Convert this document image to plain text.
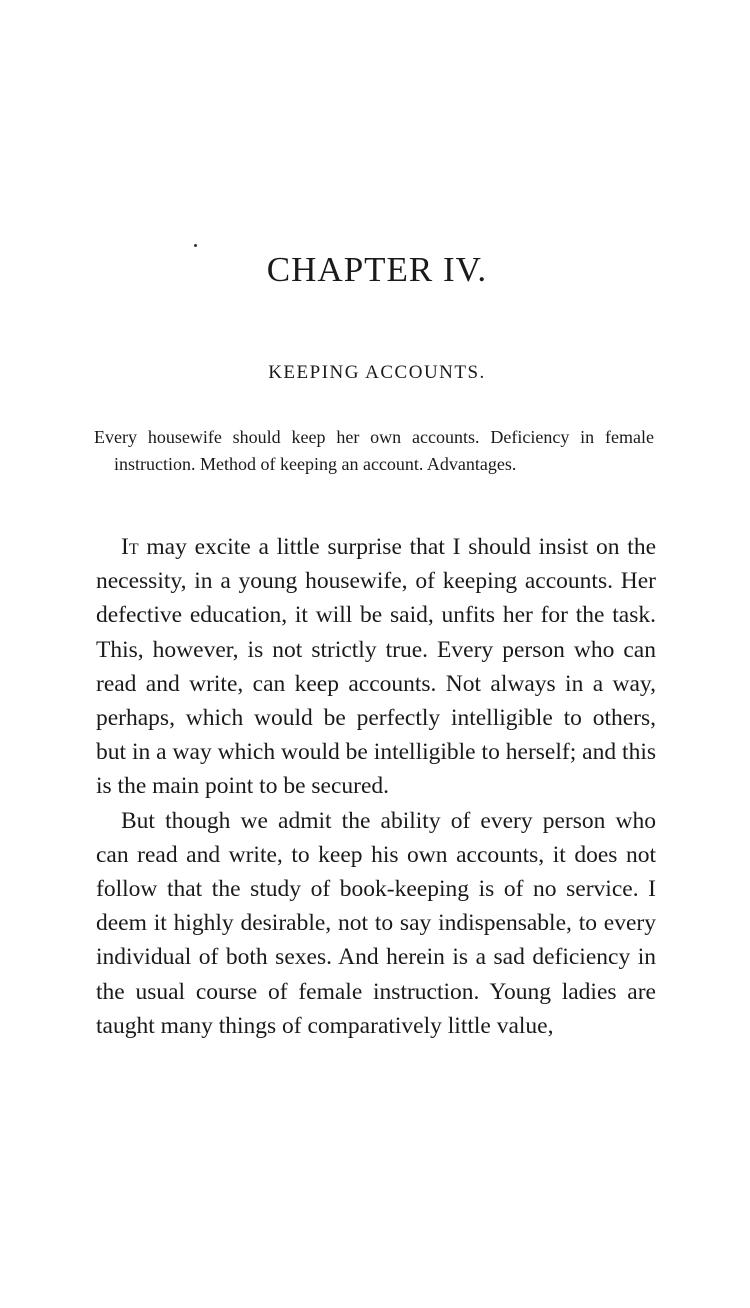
CHAPTER IV.
KEEPING ACCOUNTS.

Every housewife should keep her own accounts. Deficiency in female instruction. Method of keeping an account. Advantages.

It may excite a little surprise that I should insist on the necessity, in a young housewife, of keeping accounts. Her defective education, it will be said, unfits her for the task. This, however, is not strictly true. Every person who can read and write, can keep accounts. Not always in a way, perhaps, which would be perfectly intelligible to others, but in a way which would be intelligible to herself; and this is the main point to be secured.

But though we admit the ability of every person who can read and write, to keep his own accounts, it does not follow that the study of book-keeping is of no service. I deem it highly desirable, not to say indispensable, to every individual of both sexes. And herein is a sad deficiency in the usual course of female instruction. Young ladies are taught many things of comparatively little value,
